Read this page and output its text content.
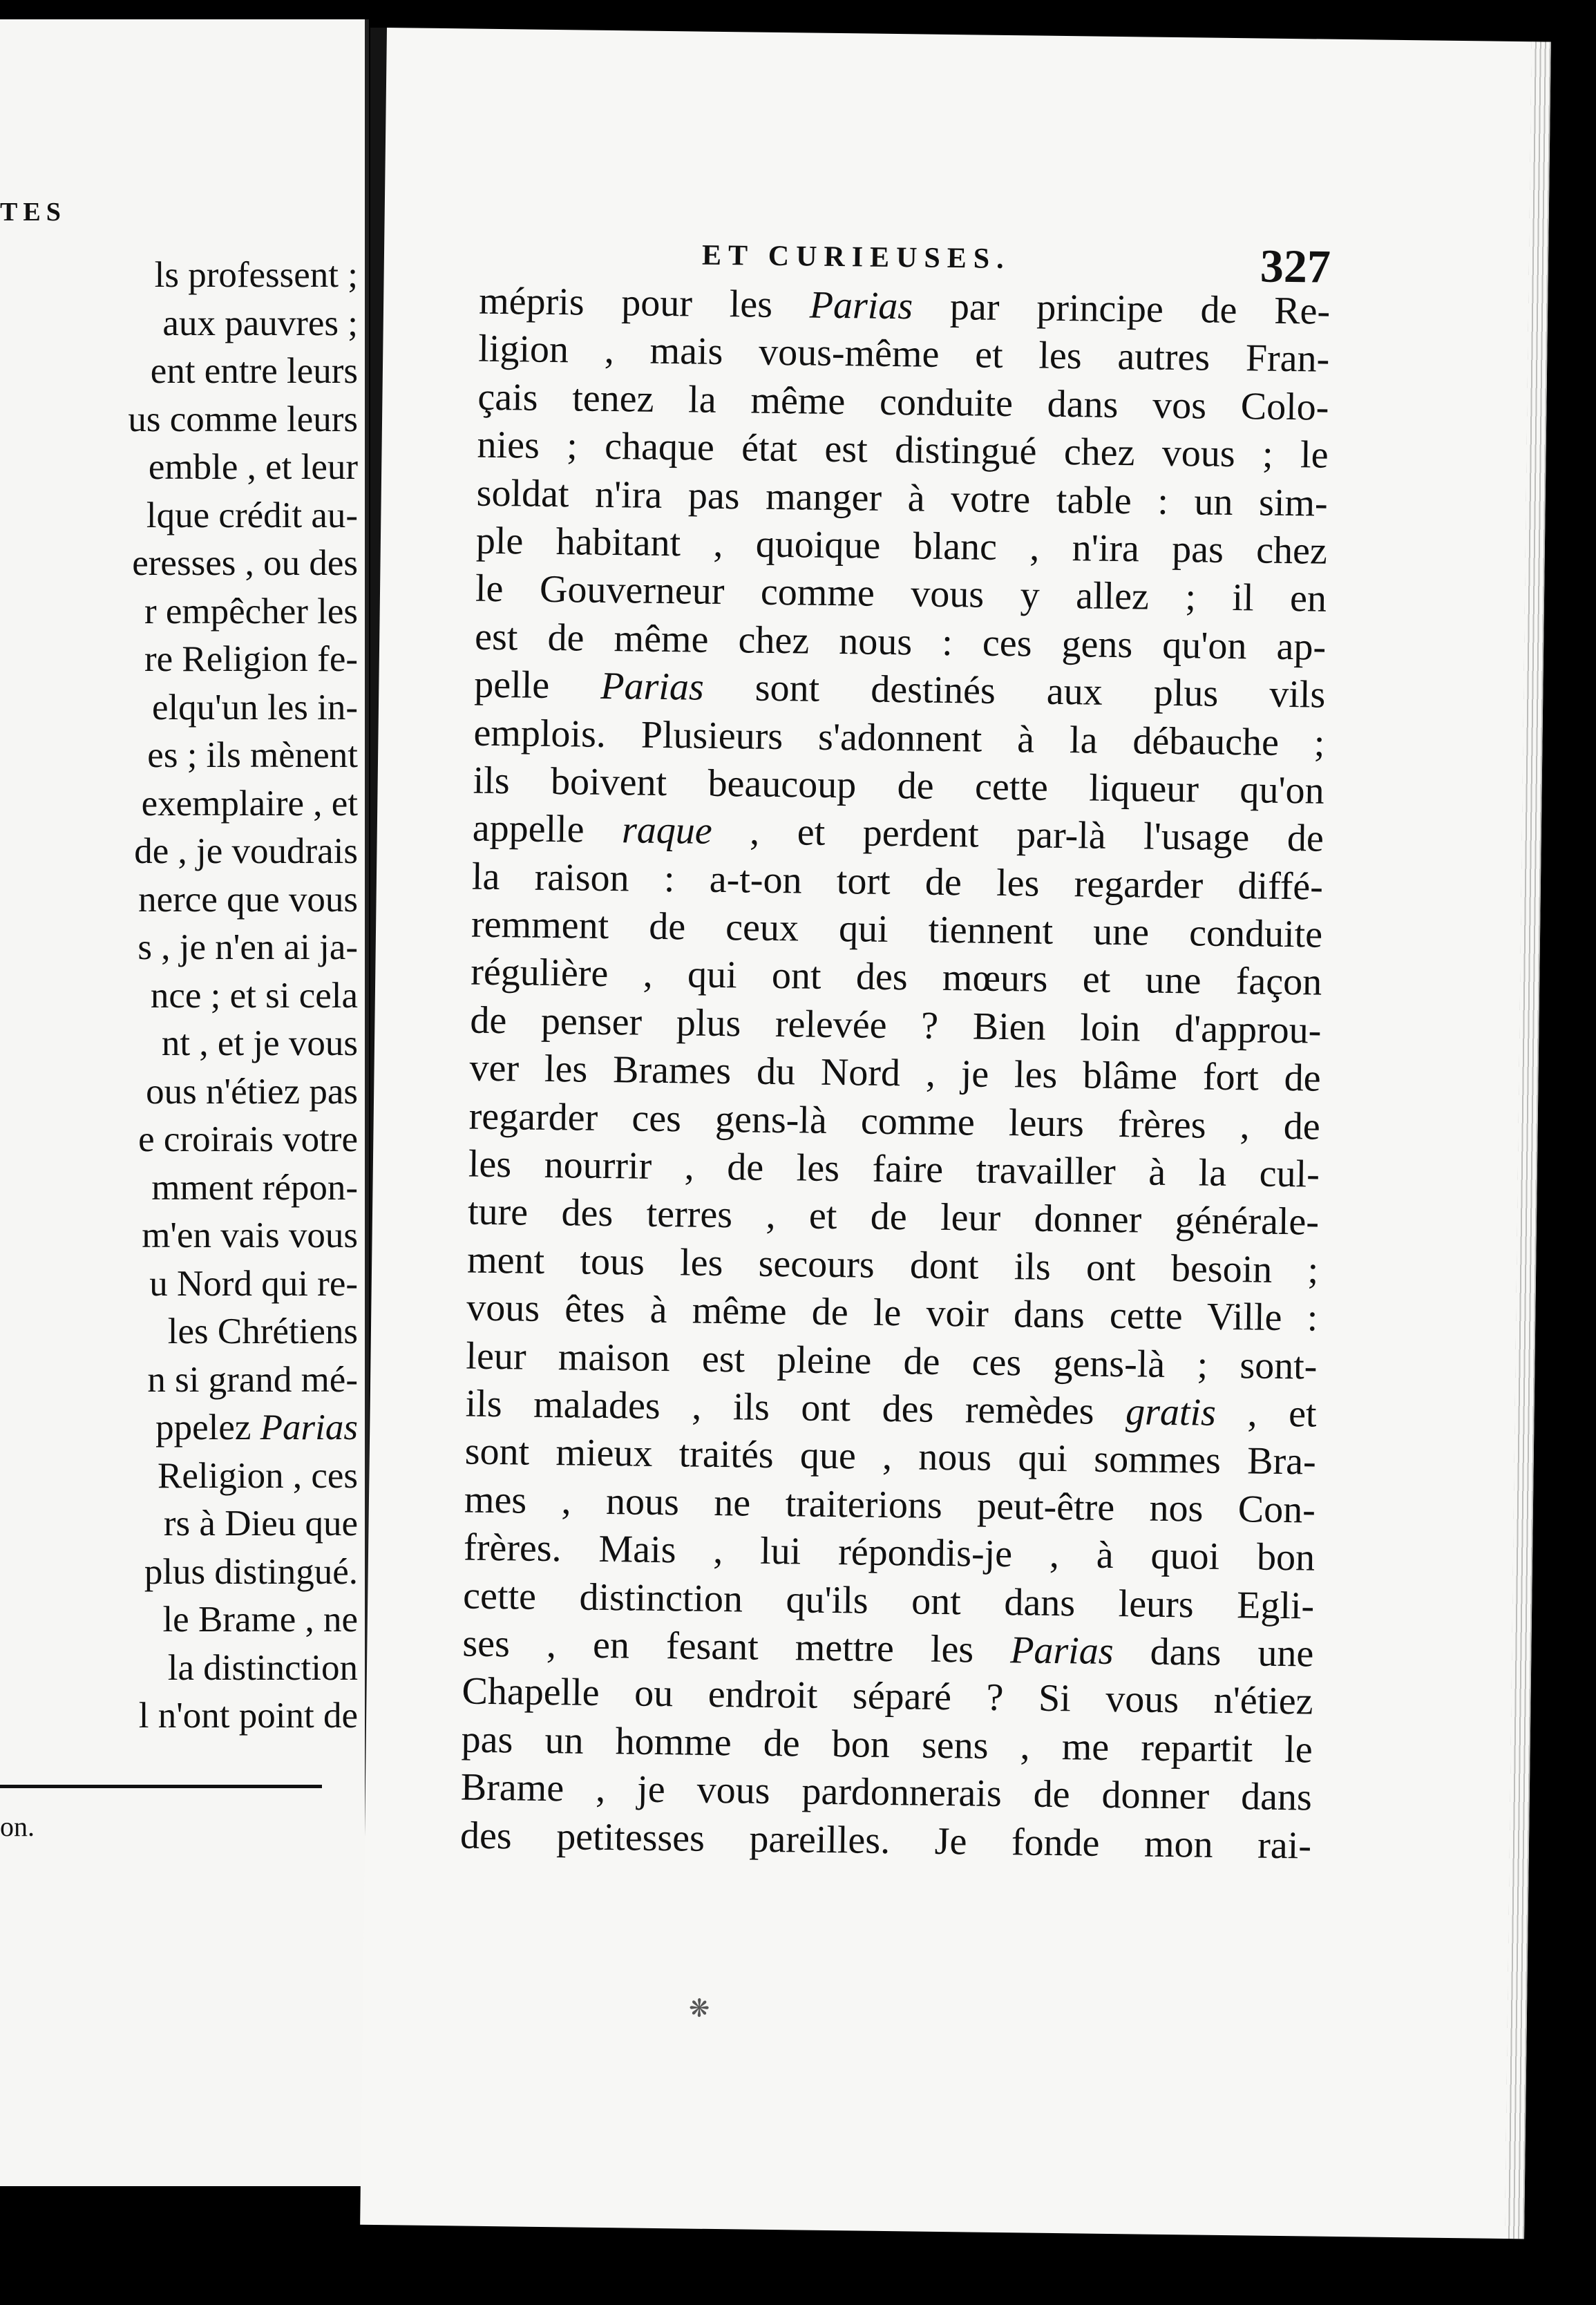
TES
ls professent ;
aux pauvres ;
ent entre leurs
us comme leurs
emble , et leur
lque crédit au-
eresses , ou des
r empêcher les
re Religion fe-
elqu'un les in-
es ; ils mènent
exemplaire , et
de , je voudrais
nerce que vous
s , je n'en ai ja-
nce ; et si cela
nt , et je vous
ous n'étiez pas
e croirais votre
mment répon-
m'en vais vous
u Nord qui re-
les Chrétiens
n si grand mé-
ppelez Parias
Religion , ces
rs à Dieu que
plus distingué.
le Brame , ne
la distinction
l n'ont point de
on.
ET CURIEUSES.	327
mépris pour les Parias par principe de Re-
ligion , mais vous-même et les autres Fran-
çais tenez la même conduite dans vos Colo-
nies ; chaque état est distingué chez vous ; le
soldat n'ira pas manger à votre table : un sim-
ple habitant , quoique blanc , n'ira pas chez
le Gouverneur comme vous y allez ; il en
est de même chez nous : ces gens qu'on ap-
pelle Parias sont destinés aux plus vils
emplois. Plusieurs s'adonnent à la débauche ;
ils boivent beaucoup de cette liqueur qu'on
appelle raque , et perdent par-là l'usage de
la raison : a-t-on tort de les regarder diffé-
remment de ceux qui tiennent une conduite
régulière , qui ont des mœurs et une façon
de penser plus relevée ? Bien loin d'approu-
ver les Brames du Nord , je les blâme fort de
regarder ces gens-là comme leurs frères , de
les nourrir , de les faire travailler à la cul-
ture des terres , et de leur donner générale-
ment tous les secours dont ils ont besoin ;
vous êtes à même de le voir dans cette Ville :
leur maison est pleine de ces gens-là ; sont-
ils malades , ils ont des remèdes gratis , et
sont mieux traités que , nous qui sommes Bra-
mes , nous ne traiterions peut-être nos Con-
frères. Mais , lui répondis-je , à quoi bon
cette distinction qu'ils ont dans leurs Egli-
ses , en fesant mettre les Parias dans une
Chapelle ou endroit séparé ? Si vous n'étiez
pas un homme de bon sens , me repartit le
Brame , je vous pardonnerais de donner dans
des petitesses pareilles. Je fonde mon rai-
❋
